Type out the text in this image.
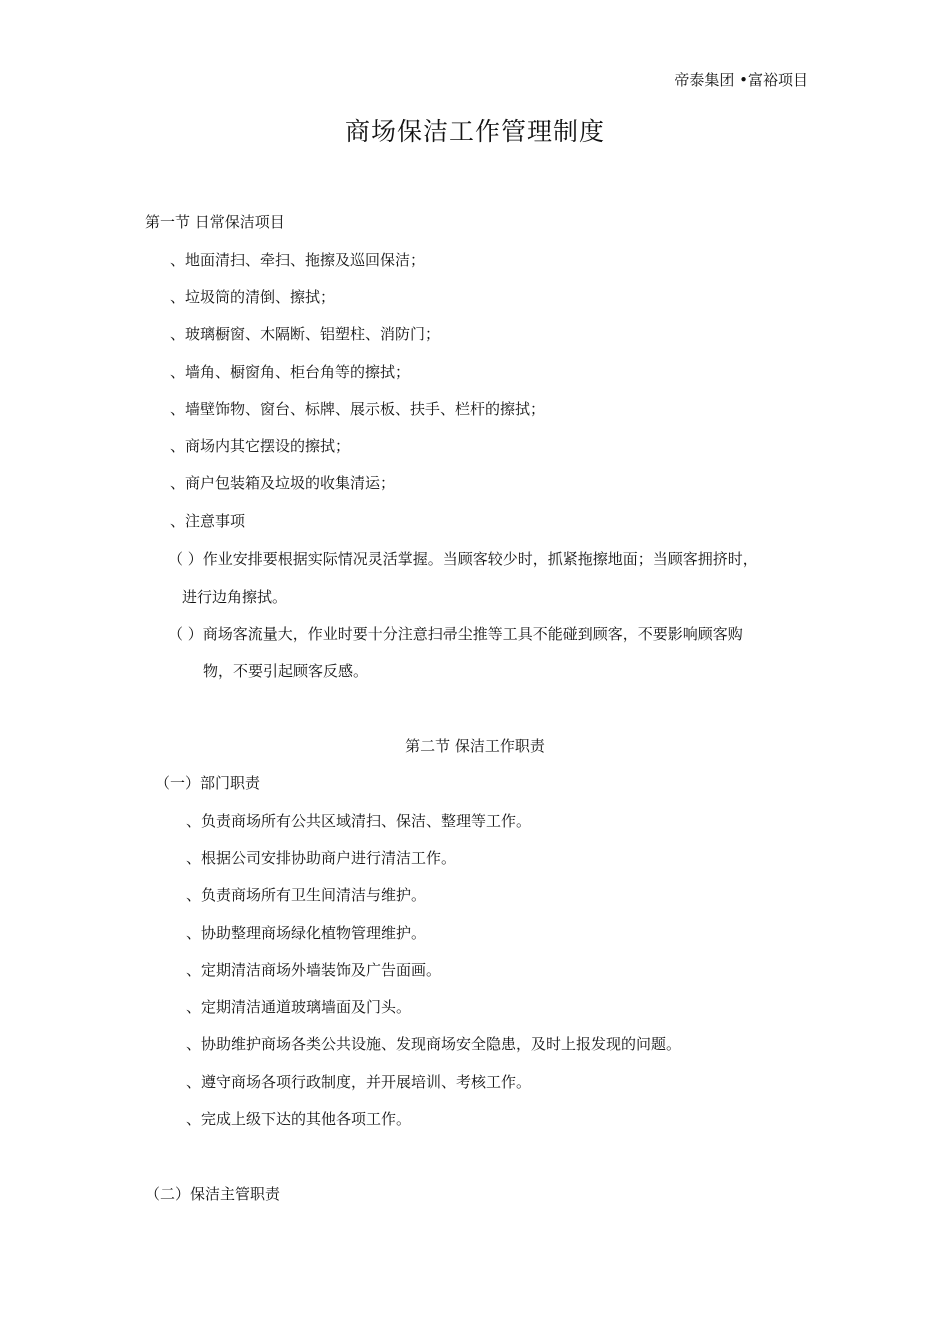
帝泰集团 •富裕项目
商场保洁工作管理制度
第一节 日常保洁项目
、地面清扫、牵扫、拖擦及巡回保洁；
、垃圾筒的清倒、擦拭；
、玻璃橱窗、木隔断、铝塑柱、消防门；
、墙角、橱窗角、柜台角等的擦拭；
、墙壁饰物、窗台、标牌、展示板、扶手、栏杆的擦拭；
、商场内其它摆设的擦拭；
、商户包装箱及垃圾的收集清运；
、注意事项
（ ）作业安排要根据实际情况灵活掌握。当顾客较少时，抓紧拖擦地面；当顾客拥挤时，
进行边角擦拭。
（ ）商场客流量大，作业时要十分注意扫帚尘推等工具不能碰到顾客，不要影响顾客购
物，不要引起顾客反感。
第二节 保洁工作职责
（一）部门职责
、负责商场所有公共区域清扫、保洁、整理等工作。
、根据公司安排协助商户进行清洁工作。
、负责商场所有卫生间清洁与维护。
、协助整理商场绿化植物管理维护。
、定期清洁商场外墙装饰及广告面画。
、定期清洁通道玻璃墙面及门头。
、协助维护商场各类公共设施、发现商场安全隐患，及时上报发现的问题。
、遵守商场各项行政制度，并开展培训、考核工作。
、完成上级下达的其他各项工作。
（二）保洁主管职责
